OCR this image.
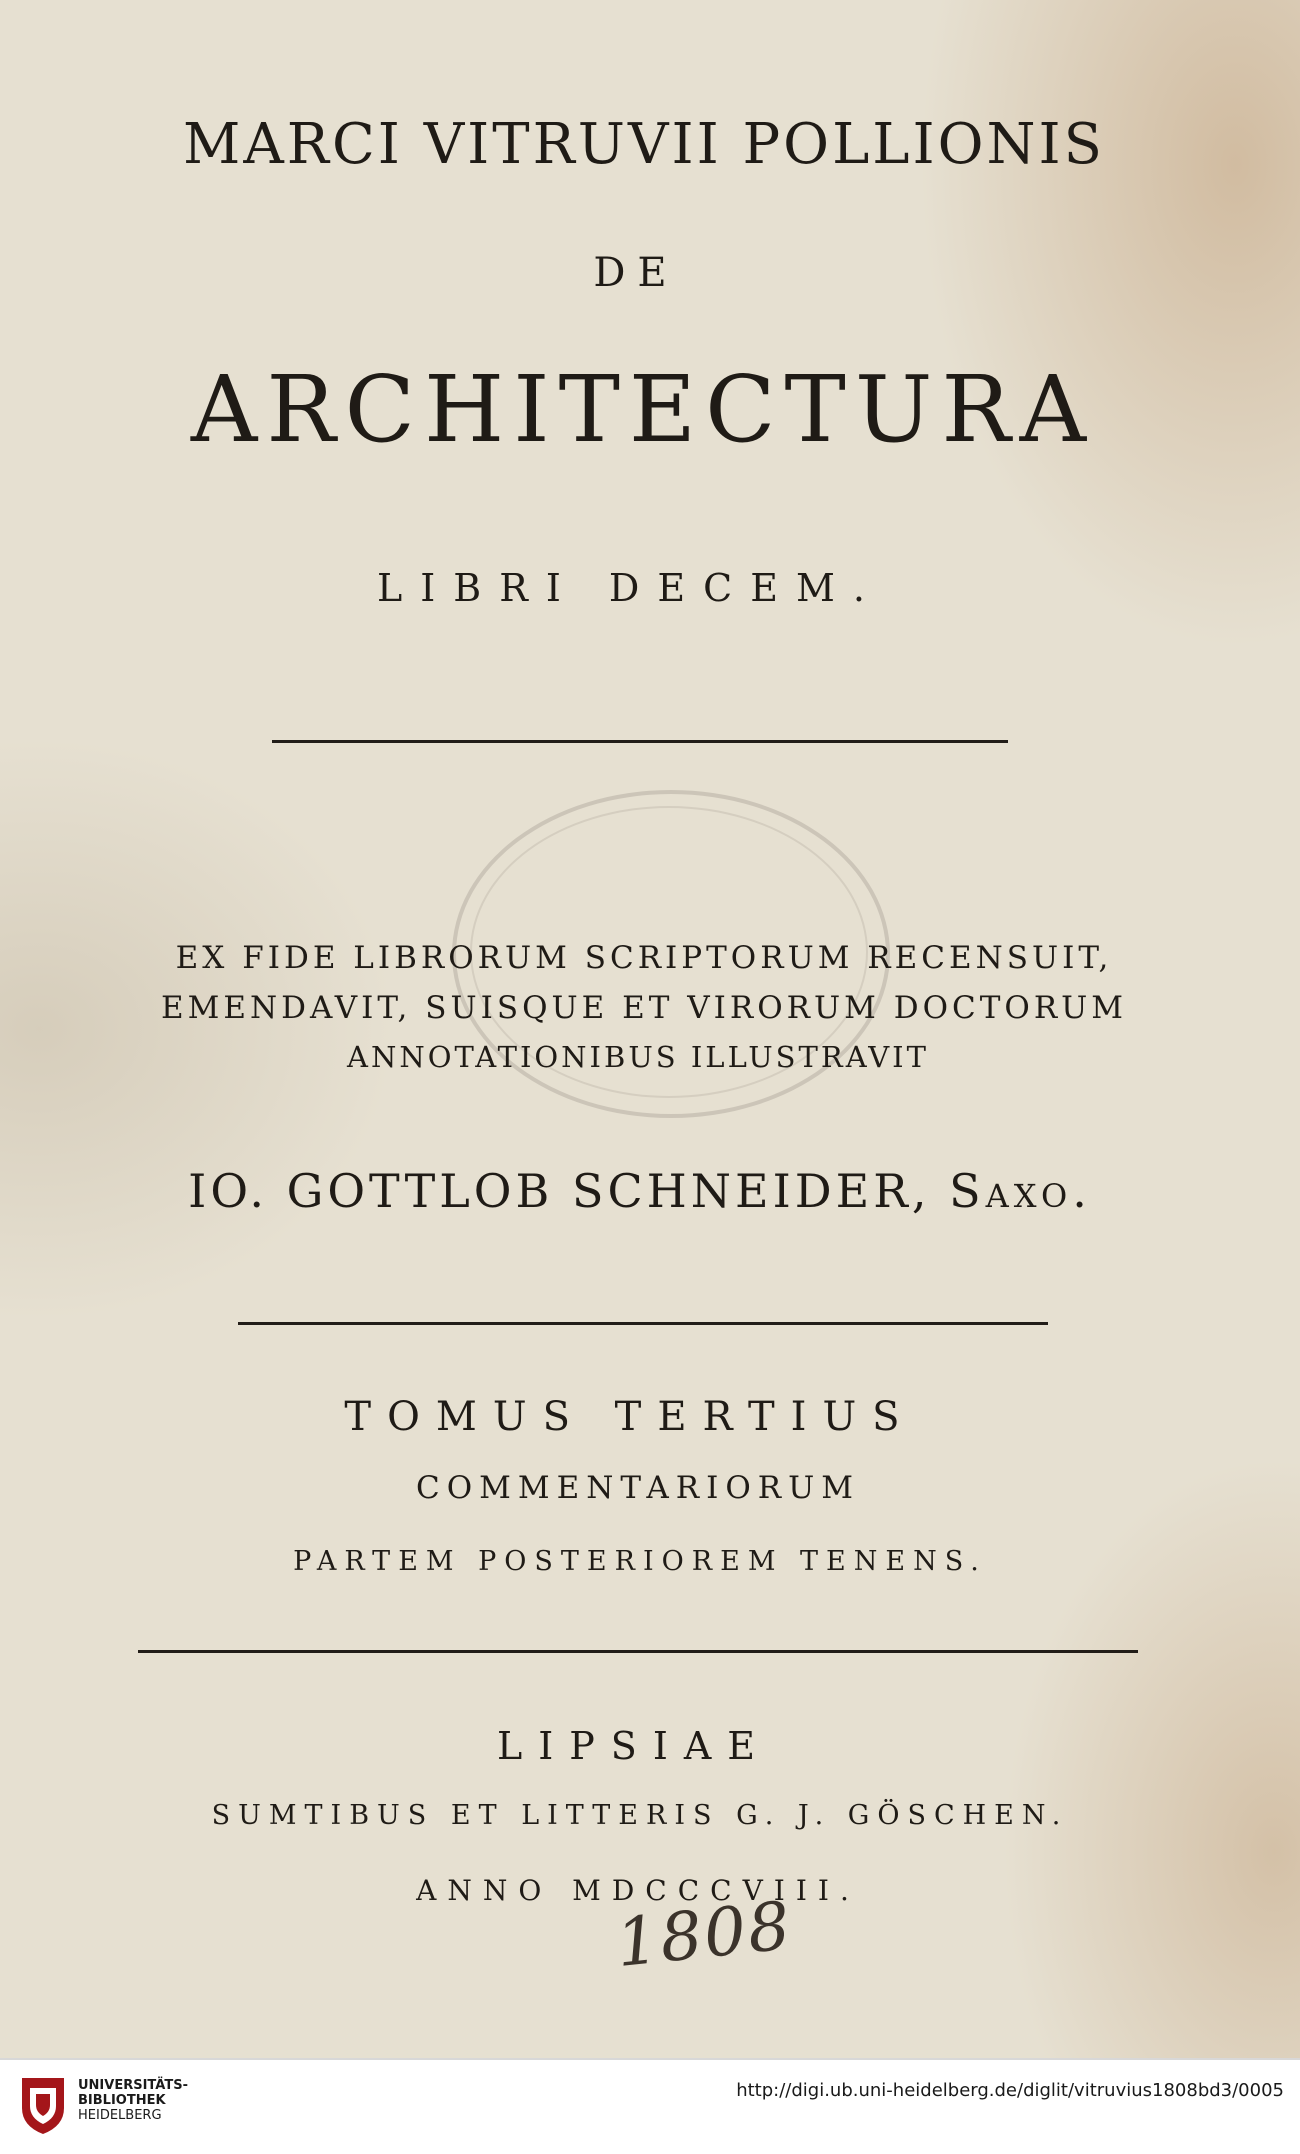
MARCI VITRUVII POLLIONIS
DE
ARCHITECTURA
LIBRI DECEM.
EX FIDE LIBRORUM SCRIPTORUM RECENSUIT,
EMENDAVIT, SUISQUE ET VIRORUM DOCTORUM
ANNOTATIONIBUS ILLUSTRAVIT
IO. GOTTLOB SCHNEIDER, Saxo.
TOMUS TERTIUS
COMMENTARIORUM
PARTEM POSTERIOREM TENENS.
LIPSIAE
SUMTIBUS ET LITTERIS G. J. GÖSCHEN.
ANNO MDCCCVIII.
1808
UNIVERSITÄTS-
BIBLIOTHEK
HEIDELBERG
http://digi.ub.uni-heidelberg.de/diglit/vitruvius1808bd3/0005
